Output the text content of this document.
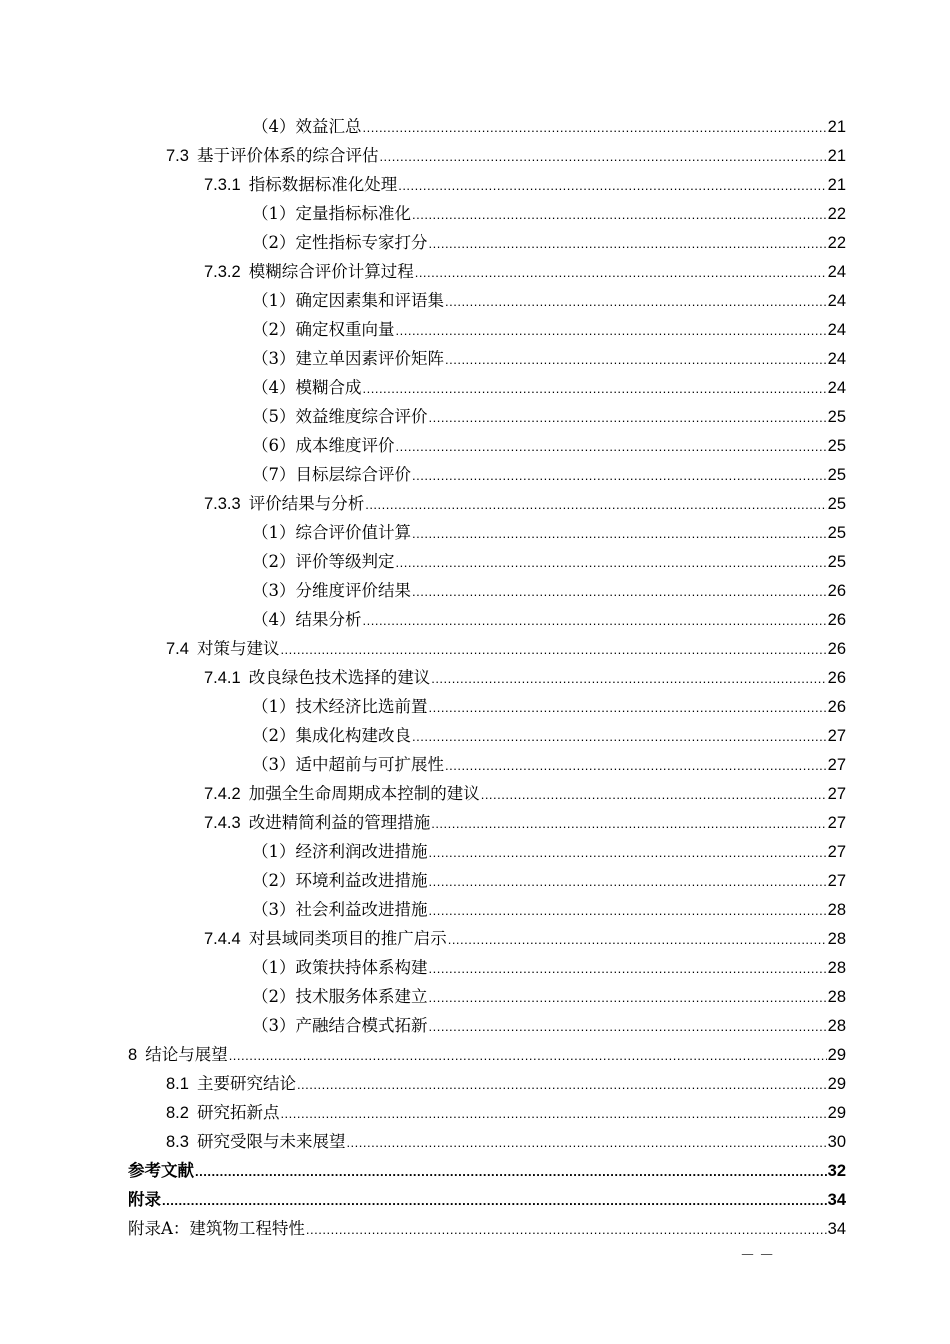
（4）效益汇总 .....	21
7.3 基于评价体系的综合评估 .....	21
7.3.1 指标数据标准化处理 .....	21
（1）定量指标标准化 .....	22
（2）定性指标专家打分 .....	22
7.3.2 模糊综合评价计算过程 .....	24
（1）确定因素集和评语集 .....	24
（2）确定权重向量 .....	24
（3）建立单因素评价矩阵 .....	24
（4）模糊合成 .....	24
（5）效益维度综合评价 .....	25
（6）成本维度评价 .....	25
（7）目标层综合评价 .....	25
7.3.3 评价结果与分析 .....	25
（1）综合评价值计算 .....	25
（2）评价等级判定 .....	25
（3）分维度评价结果 .....	26
（4）结果分析 .....	26
7.4 对策与建议 .....	26
7.4.1 改良绿色技术选择的建议 .....	26
（1）技术经济比选前置 .....	26
（2）集成化构建改良 .....	27
（3）适中超前与可扩展性 .....	27
7.4.2 加强全生命周期成本控制的建议 .....	27
7.4.3 改进精简利益的管理措施 .....	27
（1）经济利润改进措施 .....	27
（2）环境利益改进措施 .....	27
（3）社会利益改进措施 .....	28
7.4.4 对县域同类项目的推广启示 .....	28
（1）政策扶持体系构建 .....	28
（2）技术服务体系建立 .....	28
（3）产融结合模式拓新 .....	28
8 结论与展望 .....	29
8.1 主要研究结论 .....	29
8.2 研究拓新点 .....	29
8.3 研究受限与未来展望 .....	30
参考文献 .....	32
附录 .....	34
附录A：建筑物工程特性 .....	34
－ －
